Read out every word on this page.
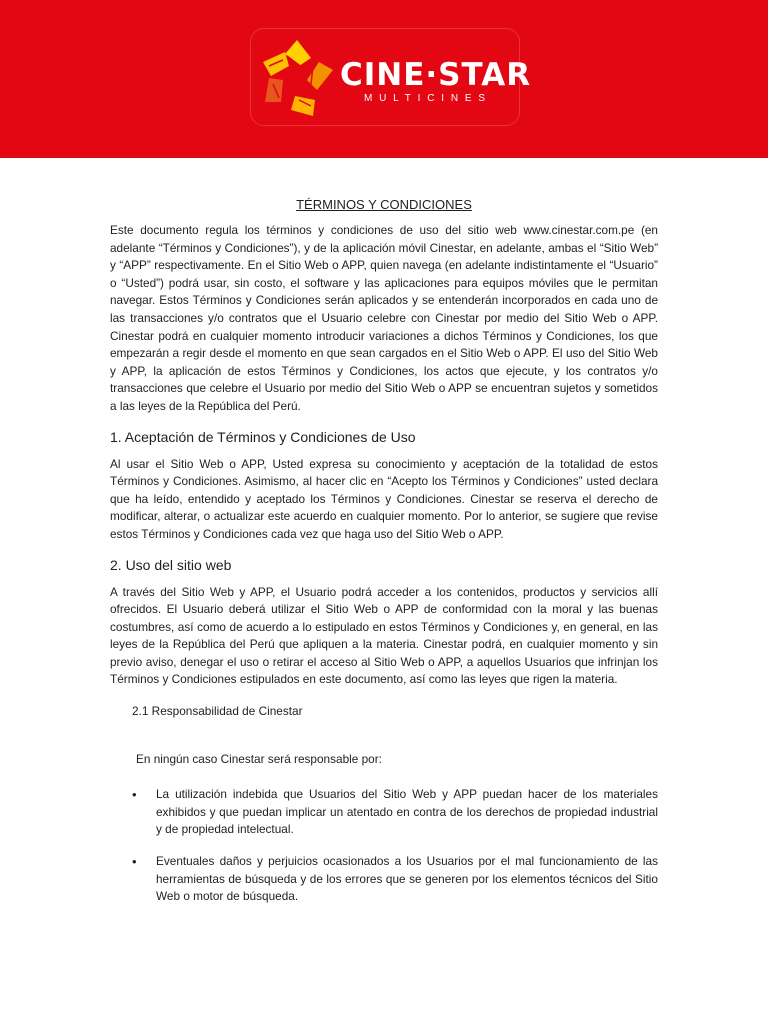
CINE·STAR
MULTICINES
TÉRMINOS Y CONDICIONES

Este documento regula los términos y condiciones de uso del sitio web www.cinestar.com.pe (en adelante “Términos y Condiciones”), y de la aplicación móvil Cinestar, en adelante, ambas el “Sitio Web” y “APP” respectivamente. En el Sitio Web o APP, quien navega (en adelante indistintamente el “Usuario” o “Usted”) podrá usar, sin costo, el software y las aplicaciones para equipos móviles que le permitan navegar. Estos Términos y Condiciones serán aplicados y se entenderán incorporados en cada uno de las transacciones y/o contratos que el Usuario celebre con Cinestar por medio del Sitio Web o APP. Cinestar podrá en cualquier momento introducir variaciones a dichos Términos y Condiciones, los que empezarán a regir desde el momento en que sean cargados en el Sitio Web o APP. El uso del Sitio Web y APP, la aplicación de estos Términos y Condiciones, los actos que ejecute, y los contratos y/o transacciones que celebre el Usuario por medio del Sitio Web o APP se encuentran sujetos y sometidos a las leyes de la República del Perú.

1. Aceptación de Términos y Condiciones de Uso

Al usar el Sitio Web o APP, Usted expresa su conocimiento y aceptación de la totalidad de estos Términos y Condiciones. Asimismo, al hacer clic en “Acepto los Términos y Condiciones” usted declara que ha leído, entendido y aceptado los Términos y Condiciones. Cinestar se reserva el derecho de modificar, alterar, o actualizar este acuerdo en cualquier momento. Por lo anterior, se sugiere que revise estos Términos y Condiciones cada vez que haga uso del Sitio Web o APP.

2. Uso del sitio web

A través del Sitio Web y APP, el Usuario podrá acceder a los contenidos, productos y servicios allí ofrecidos. El Usuario deberá utilizar el Sitio Web o APP de conformidad con la moral y las buenas costumbres, así como de acuerdo a lo estipulado en estos Términos y Condiciones y, en general, en las leyes de la República del Perú que apliquen a la materia. Cinestar podrá, en cualquier momento y sin previo aviso, denegar el uso o retirar el acceso al Sitio Web o APP, a aquellos Usuarios que infrinjan los Términos y Condiciones estipulados en este documento, así como las leyes que rigen la materia.

2.1 Responsabilidad de Cinestar
En ningún caso Cinestar será responsable por:
• La utilización indebida que Usuarios del Sitio Web y APP puedan hacer de los materiales exhibidos y que puedan implicar un atentado en contra de los derechos de propiedad industrial y de propiedad intelectual.
• Eventuales daños y perjuicios ocasionados a los Usuarios por el mal funcionamiento de las herramientas de búsqueda y de los errores que se generen por los elementos técnicos del Sitio Web o motor de búsqueda.
